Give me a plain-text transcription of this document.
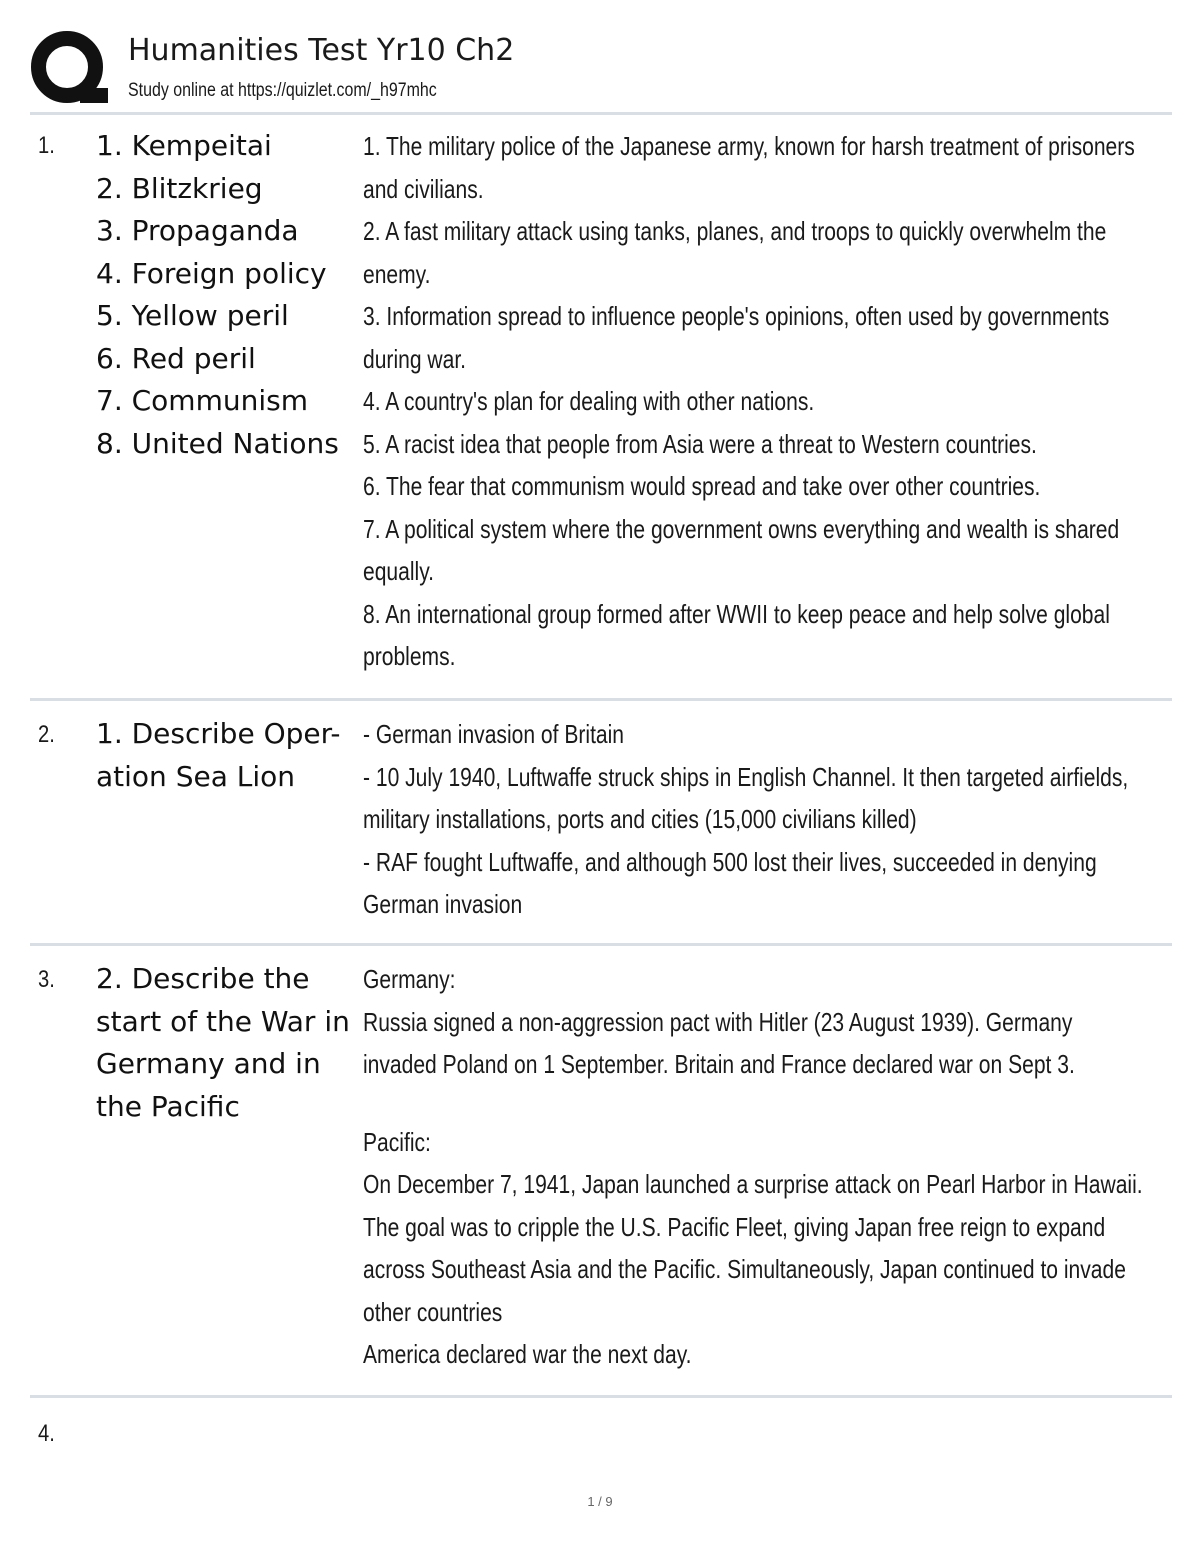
Humanities Test Yr10 Ch2
Study online at https://quizlet.com/_h97mhc
1. 1. Kempeitai
2. Blitzkrieg
3. Propaganda
4. Foreign policy
5. Yellow peril
6. Red peril
7. Communism
8. United Nations
1. The military police of the Japanese army, known for harsh treatment of prisoners
and civilians.
2. A fast military attack using tanks, planes, and troops to quickly overwhelm the
enemy.
3. Information spread to influence people's opinions, often used by governments
during war.
4. A country's plan for dealing with other nations.
5. A racist idea that people from Asia were a threat to Western countries.
6. The fear that communism would spread and take over other countries.
7. A political system where the government owns everything and wealth is shared
equally.
8. An international group formed after WWII to keep peace and help solve global
problems.
2. 1. Describe Oper-
ation Sea Lion
- German invasion of Britain
- 10 July 1940, Luftwaffe struck ships in English Channel. It then targeted airfields,
military installations, ports and cities (15,000 civilians killed)
- RAF fought Luftwaffe, and although 500 lost their lives, succeeded in denying
German invasion
3. 2. Describe the
start of the War in
Germany and in
the Pacific
Germany:
Russia signed a non-aggression pact with Hitler (23 August 1939). Germany
invaded Poland on 1 September. Britain and France declared war on Sept 3.
Pacific:
On December 7, 1941, Japan launched a surprise attack on Pearl Harbor in Hawaii.
The goal was to cripple the U.S. Pacific Fleet, giving Japan free reign to expand
across Southeast Asia and the Pacific. Simultaneously, Japan continued to invade
other countries
America declared war the next day.
4.
1 / 9
